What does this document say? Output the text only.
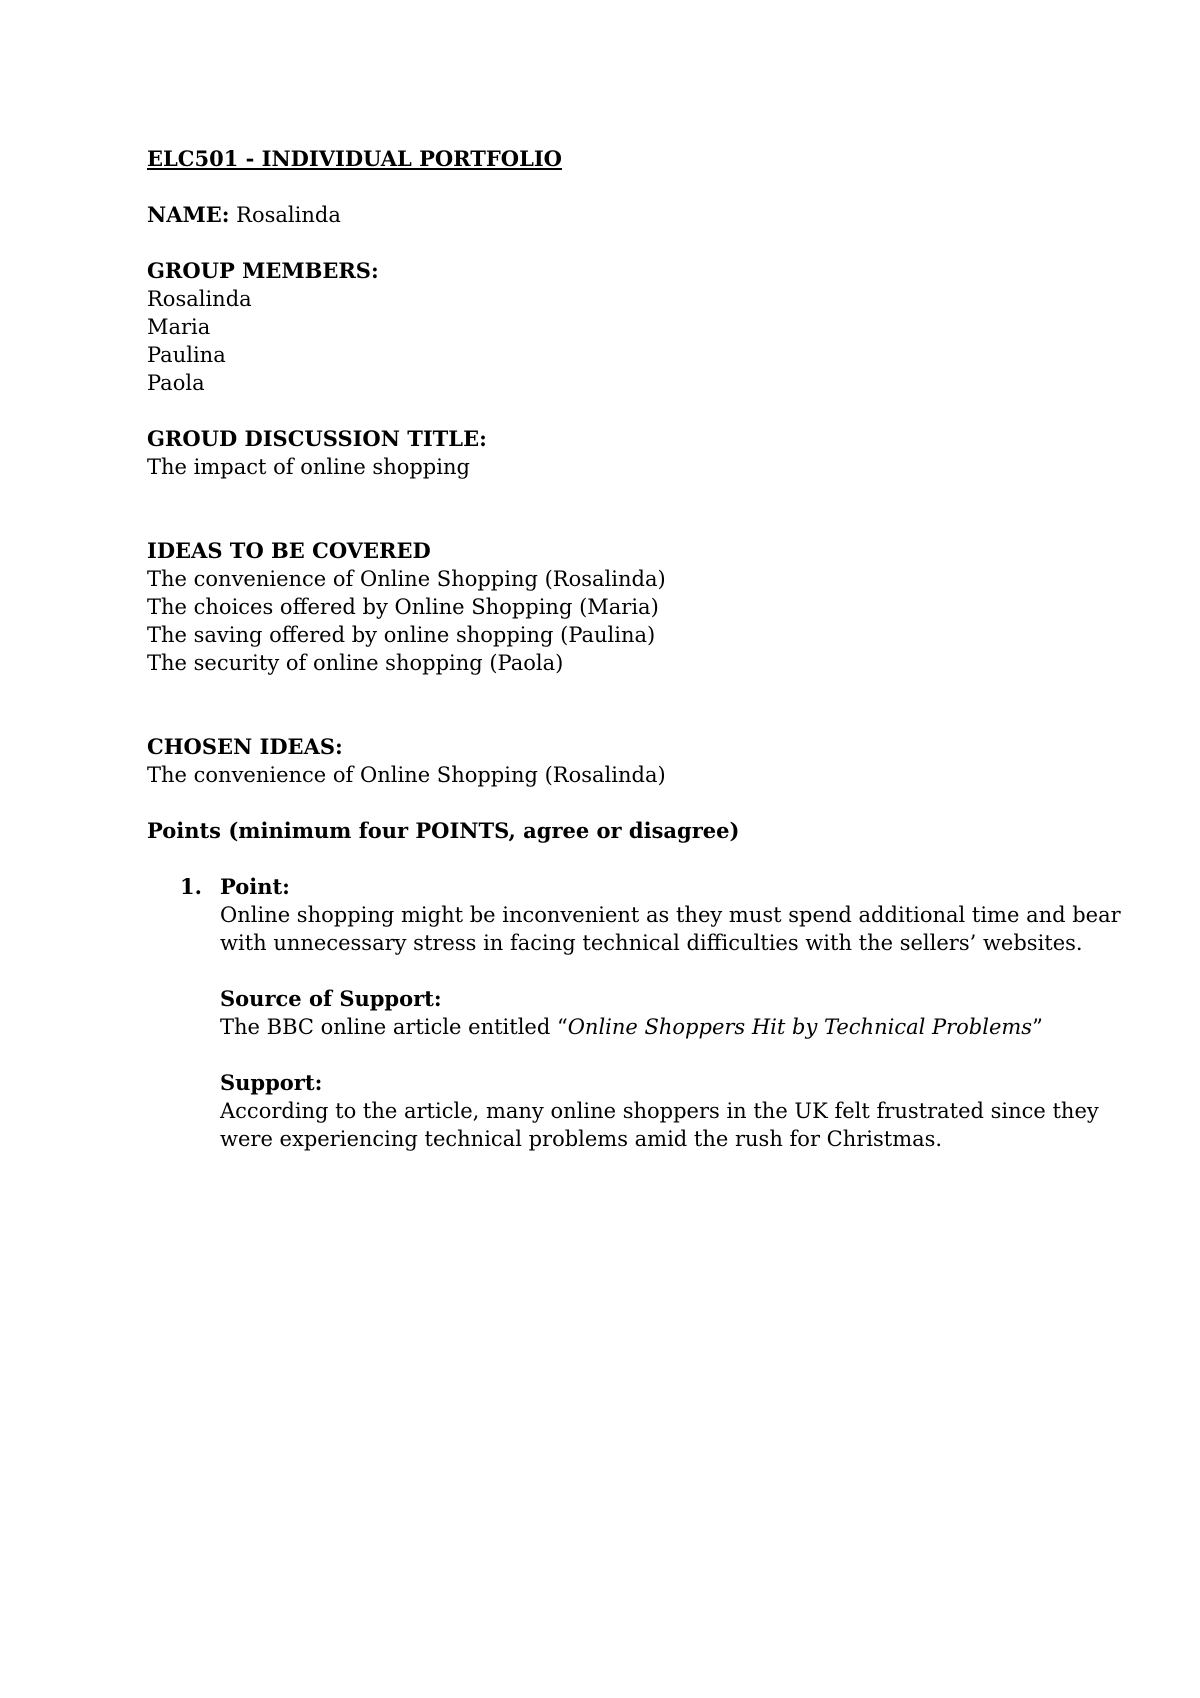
ELC501 - INDIVIDUAL PORTFOLIO
NAME: Rosalinda
GROUP MEMBERS:
Rosalinda
Maria
Paulina
Paola
GROUD DISCUSSION TITLE:
The impact of online shopping
IDEAS TO BE COVERED
The convenience of Online Shopping (Rosalinda)
The choices offered by Online Shopping (Maria)
The saving offered by online shopping (Paulina)
The security of online shopping (Paola)
CHOSEN IDEAS:
The convenience of Online Shopping (Rosalinda)
Points (minimum four POINTS, agree or disagree)
1. Point:
Online shopping might be inconvenient as they must spend additional time and bear
with unnecessary stress in facing technical difficulties with the sellers’ websites.
Source of Support:
The BBC online article entitled “Online Shoppers Hit by Technical Problems”
Support:
According to the article, many online shoppers in the UK felt frustrated since they
were experiencing technical problems amid the rush for Christmas.
